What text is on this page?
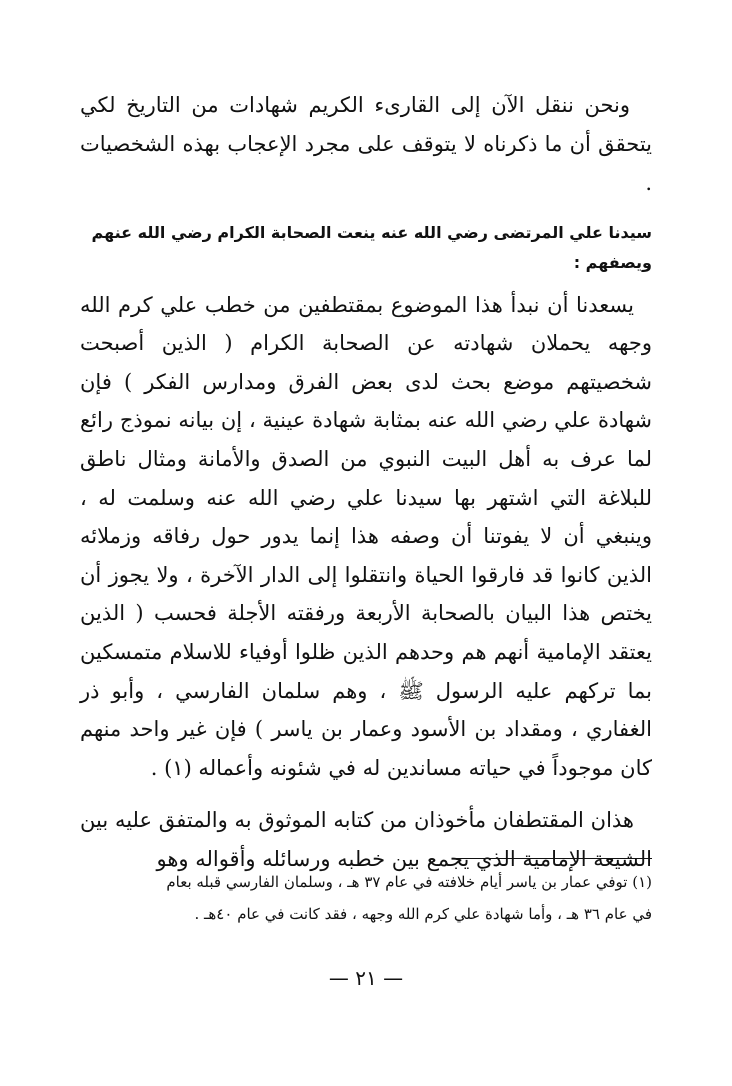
ونحن ننقل الآن إلى القارىء الكريم شهادات من التاريخ لكي يتحقق أن ما ذكرناه لا يتوقف على مجرد الإعجاب بهذه الشخصيات .

سيدنا علي المرتضى رضي الله عنه ينعت الصحابة الكرام رضي الله عنهم ويصفهم :

يسعدنا أن نبدأ هذا الموضوع بمقتطفين من خطب علي كرم الله وجهه يحملان شهادته عن الصحابة الكرام ( الذين أصبحت شخصيتهم موضع بحث لدى بعض الفرق ومدارس الفكر ) فإن شهادة علي رضي الله عنه بمثابة شهادة عينية ، إن بيانه نموذج رائع لما عرف به أهل البيت النبوي من الصدق والأمانة ومثال ناطق للبلاغة التي اشتهر بها سيدنا علي رضي الله عنه وسلمت له ، وينبغي أن لا يفوتنا أن وصفه هذا إنما يدور حول رفاقه وزملائه الذين كانوا قد فارقوا الحياة وانتقلوا إلى الدار الآخرة ، ولا يجوز أن يختص هذا البيان بالصحابة الأربعة ورفقته الأجلة فحسب ( الذين يعتقد الإمامية أنهم هم وحدهم الذين ظلوا أوفياء للاسلام متمسكين بما تركهم عليه الرسول ﷺ ، وهم سلمان الفارسي ، وأبو ذر الغفاري ، ومقداد بن الأسود وعمار بن ياسر ) فإن غير واحد منهم كان موجوداً في حياته مساندين له في شئونه وأعماله (١) .

هذان المقتطفان مأخوذان من كتابه الموثوق به والمتفق عليه بين الشيعة الإمامية الذي يجمع بين خطبه ورسائله وأقواله وهو

(١) توفي عمار بن ياسر أيام خلافته في عام ٣٧ هـ ، وسلمان الفارسي قبله بعام

في عام ٣٦ هـ ، وأما شهادة علي كرم الله وجهه ، فقد كانت في عام ٤٠هـ .

— ٢١ —
